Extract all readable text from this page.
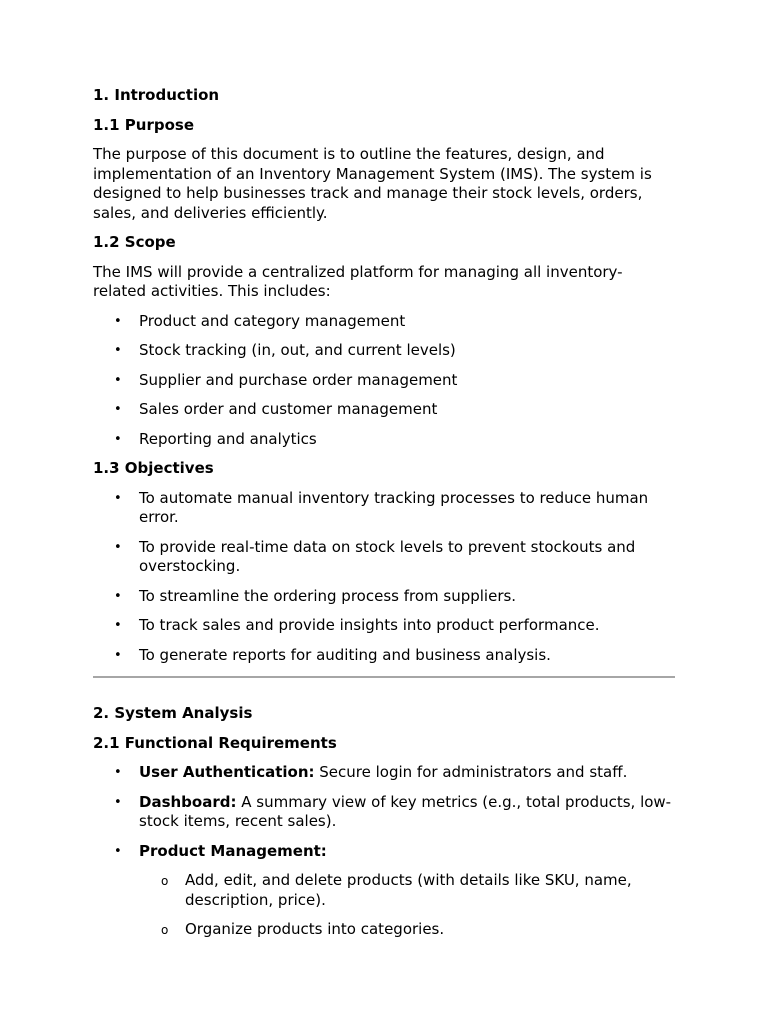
1. Introduction
1.1 Purpose
The purpose of this document is to outline the features, design, and implementation of an Inventory Management System (IMS). The system is designed to help businesses track and manage their stock levels, orders, sales, and deliveries efficiently.
1.2 Scope
The IMS will provide a centralized platform for managing all inventory-related activities. This includes:
• Product and category management
• Stock tracking (in, out, and current levels)
• Supplier and purchase order management
• Sales order and customer management
• Reporting and analytics
1.3 Objectives
• To automate manual inventory tracking processes to reduce human error.
• To provide real-time data on stock levels to prevent stockouts and overstocking.
• To streamline the ordering process from suppliers.
• To track sales and provide insights into product performance.
• To generate reports for auditing and business analysis.
2. System Analysis
2.1 Functional Requirements
• User Authentication: Secure login for administrators and staff.
• Dashboard: A summary view of key metrics (e.g., total products, low-stock items, recent sales).
• Product Management:
o Add, edit, and delete products (with details like SKU, name, description, price).
o Organize products into categories.
